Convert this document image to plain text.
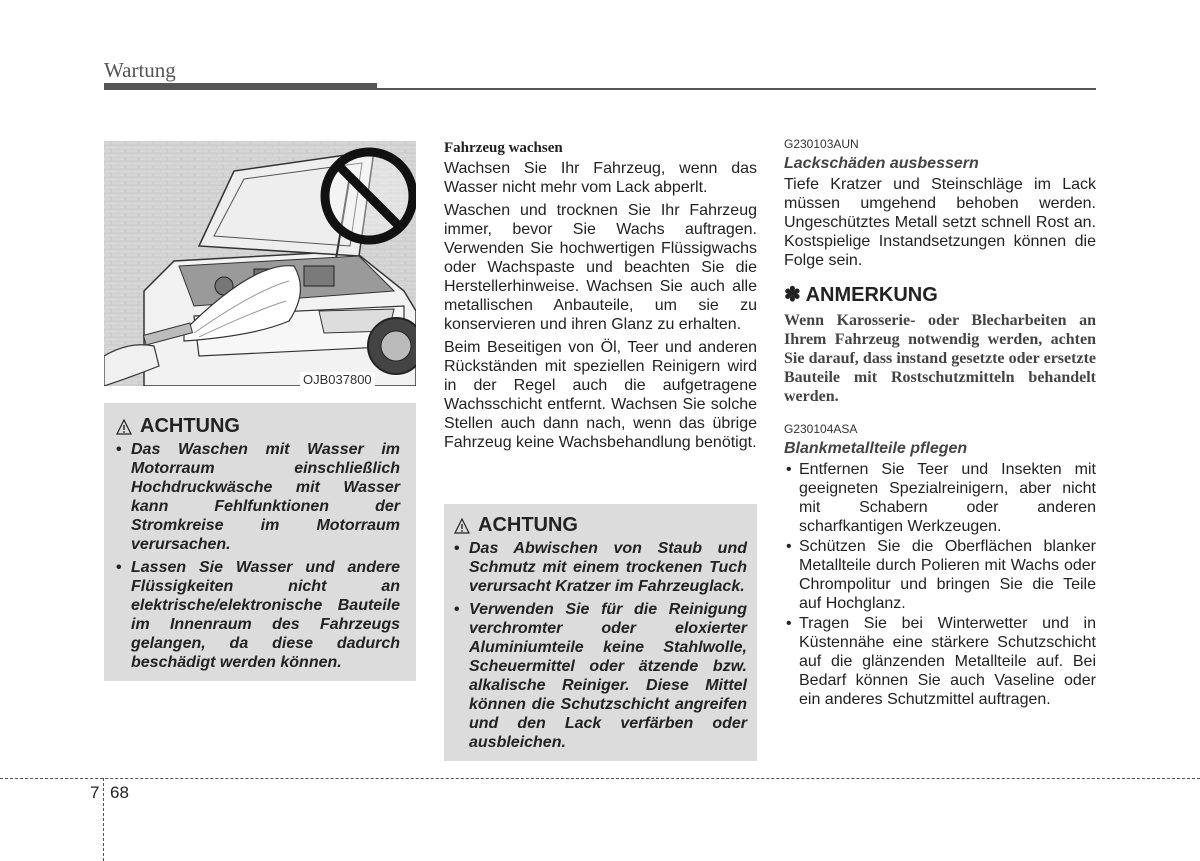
Wartung
OJB037800
ACHTUNG
• Das Waschen mit Wasser im Motorraum einschließlich Hochdruckwäsche mit Wasser kann Fehlfunktionen der Stromkreise im Motorraum verursachen.
• Lassen Sie Wasser und andere Flüssigkeiten nicht an elektrische/elektronische Bauteile im Innenraum des Fahrzeugs gelangen, da diese dadurch beschädigt werden können.

Fahrzeug wachsen

Wachsen Sie Ihr Fahrzeug, wenn das Wasser nicht mehr vom Lack abperlt.

Waschen und trocknen Sie Ihr Fahrzeug immer, bevor Sie Wachs auftragen. Verwenden Sie hochwertigen Flüssigwachs oder Wachspaste und beachten Sie die Herstellerhinweise. Wachsen Sie auch alle metallischen Anbauteile, um sie zu konservieren und ihren Glanz zu erhalten.

Beim Beseitigen von Öl, Teer und anderen Rückständen mit speziellen Reinigern wird in der Regel auch die aufgetragene Wachsschicht entfernt. Wachsen Sie solche Stellen auch dann nach, wenn das übrige Fahrzeug keine Wachsbehandlung benötigt.

ACHTUNG
• Das Abwischen von Staub und Schmutz mit einem trockenen Tuch verursacht Kratzer im Fahrzeuglack.
• Verwenden Sie für die Reinigung verchromter oder eloxierter Aluminiumteile keine Stahlwolle, Scheuermittel oder ätzende bzw. alkalische Reiniger. Diese Mittel können die Schutzschicht angreifen und den Lack verfärben oder ausbleichen.

G230103AUN

Lackschäden ausbessern

Tiefe Kratzer und Steinschläge im Lack müssen umgehend behoben werden. Ungeschütztes Metall setzt schnell Rost an. Kostspielige Instandsetzungen können die Folge sein.

✽ ANMERKUNG

Wenn Karosserie- oder Blecharbeiten an Ihrem Fahrzeug notwendig werden, achten Sie darauf, dass instand gesetzte oder ersetzte Bauteile mit Rostschutzmitteln behandelt werden.

G230104ASA

Blankmetallteile pflegen

• Entfernen Sie Teer und Insekten mit geeigneten Spezialreinigern, aber nicht mit Schabern oder anderen scharfkantigen Werkzeugen.
• Schützen Sie die Oberflächen blanker Metallteile durch Polieren mit Wachs oder Chrompolitur und bringen Sie die Teile auf Hochglanz.
• Tragen Sie bei Winterwetter und in Küstennähe eine stärkere Schutzschicht auf die glänzenden Metallteile auf. Bei Bedarf können Sie auch Vaseline oder ein anderes Schutzmittel auftragen.
7 68
